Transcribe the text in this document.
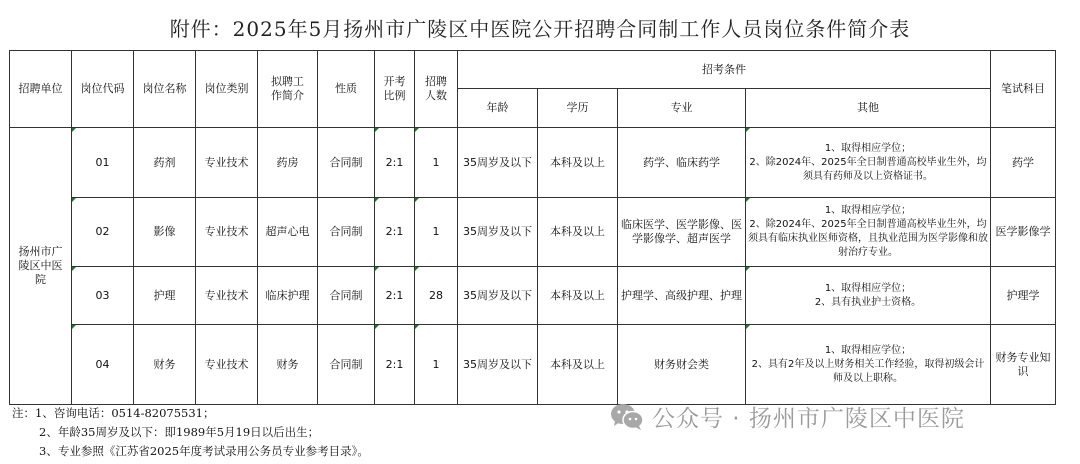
附件：2025年5月扬州市广陵区中医院公开招聘合同制工作人员岗位条件简介表
招聘单位	岗位代码	岗位名称	岗位类别	拟聘工作简介	性质	开考比例	招聘人数	招考条件				笔试科目
								年龄	学历	专业	其他	
扬州市广陵区中医院	01	药剂	专业技术	药房	合同制	2:1	1	35周岁及以下	本科及以上	药学、临床药学	1、取得相应学位；
2、除2024年、2025年全日制普通高校毕业生外，均须具有药师及以上资格证书。	药学
	02	影像	专业技术	超声心电	合同制	2:1	1	35周岁及以下	本科及以上	临床医学、医学影像、医学影像学、超声医学	1、取得相应学位；
2、除2024年、2025年全日制普通高校毕业生外，均须具有临床执业医师资格，且执业范围为医学影像和放射治疗专业。	医学影像学
	03	护理	专业技术	临床护理	合同制	2:1	28	35周岁及以下	本科及以上	护理学、高级护理、护理	1、取得相应学位；
2、具有执业护士资格。	护理学
	04	财务	专业技术	财务	合同制	2:1	1	35周岁及以下	本科及以上	财务财会类	1、取得相应学位；
2、具有2年及以上财务相关工作经验，取得初级会计师及以上职称。	财务专业知识
注：1、咨询电话：0514-82075531；
2、年龄35周岁及以下：即1989年5月19日以后出生；
3、专业参照《江苏省2025年度考试录用公务员专业参考目录》。
公众号 · 扬州市广陵区中医院
